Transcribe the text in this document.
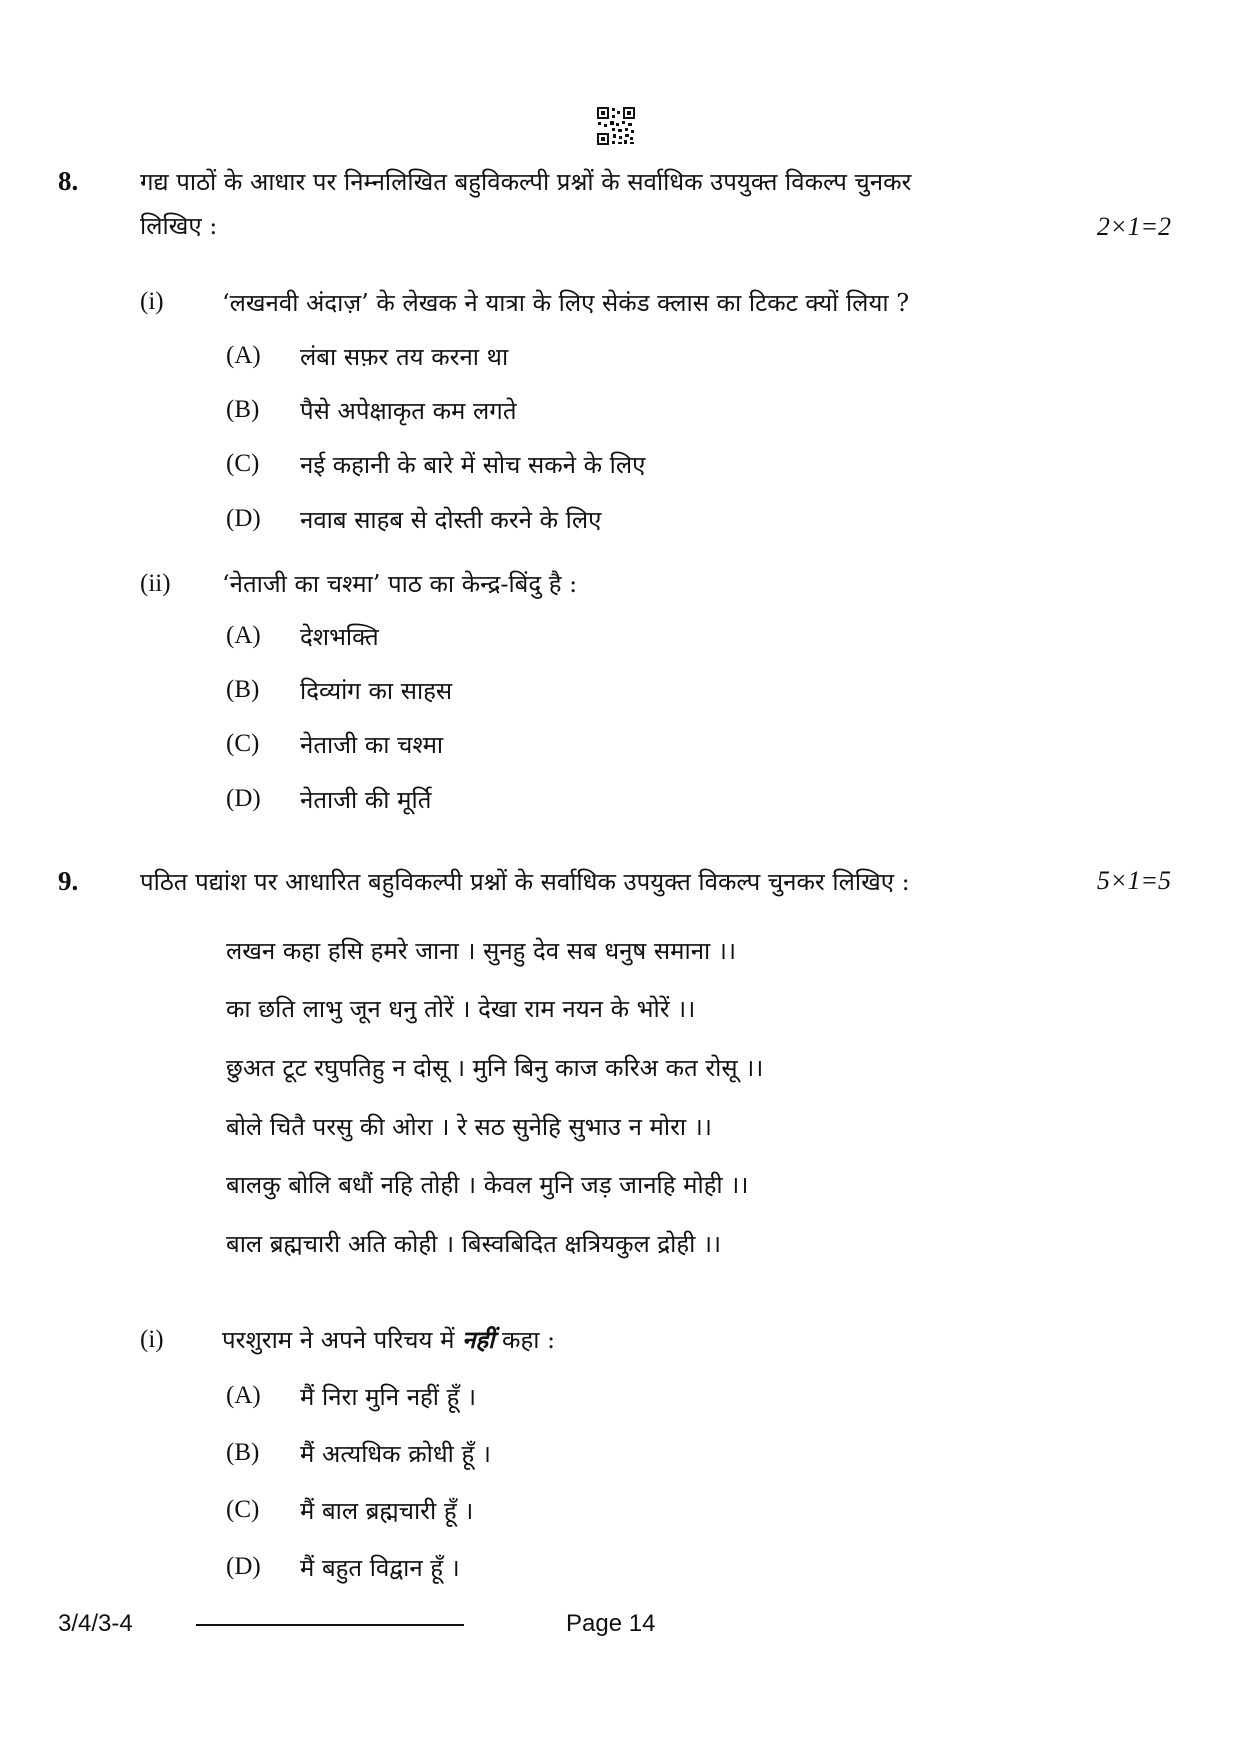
8.	गद्य पाठों के आधार पर निम्नलिखित बहुविकल्पी प्रश्नों के सर्वाधिक उपयुक्त विकल्प चुनकर
लिखिए :	2×1=2
(i) ‘लखनवी अंदाज़’ के लेखक ने यात्रा के लिए सेकंड क्लास का टिकट क्यों लिया ?
(A) लंबा सफ़र तय करना था
(B) पैसे अपेक्षाकृत कम लगते
(C) नई कहानी के बारे में सोच सकने के लिए
(D) नवाब साहब से दोस्ती करने के लिए
(ii) ‘नेताजी का चश्मा’ पाठ का केन्द्र-बिंदु है :
(A) देशभक्ति
(B) दिव्यांग का साहस
(C) नेताजी का चश्मा
(D) नेताजी की मूर्ति
9.	पठित पद्यांश पर आधारित बहुविकल्पी प्रश्नों के सर्वाधिक उपयुक्त विकल्प चुनकर लिखिए :	5×1=5
लखन कहा हसि हमरे जाना । सुनहु देव सब धनुष समाना ।।
का छति लाभु जून धनु तोरें । देखा राम नयन के भोरें ।।
छुअत टूट रघुपतिहु न दोसू । मुनि बिनु काज करिअ कत रोसू ।।
बोले चितै परसु की ओरा । रे सठ सुनेहि सुभाउ न मोरा ।।
बालकु बोलि बधौं नहि तोही । केवल मुनि जड़ जानहि मोही ।।
बाल ब्रह्मचारी अति कोही । बिस्वबिदित क्षत्रियकुल द्रोही ।।
(i) परशुराम ने अपने परिचय में नहीं कहा :
(A) मैं निरा मुनि नहीं हूँ ।
(B) मैं अत्यधिक क्रोधी हूँ ।
(C) मैं बाल ब्रह्मचारी हूँ ।
(D) मैं बहुत विद्वान हूँ ।
3/4/3-4	Page 14
